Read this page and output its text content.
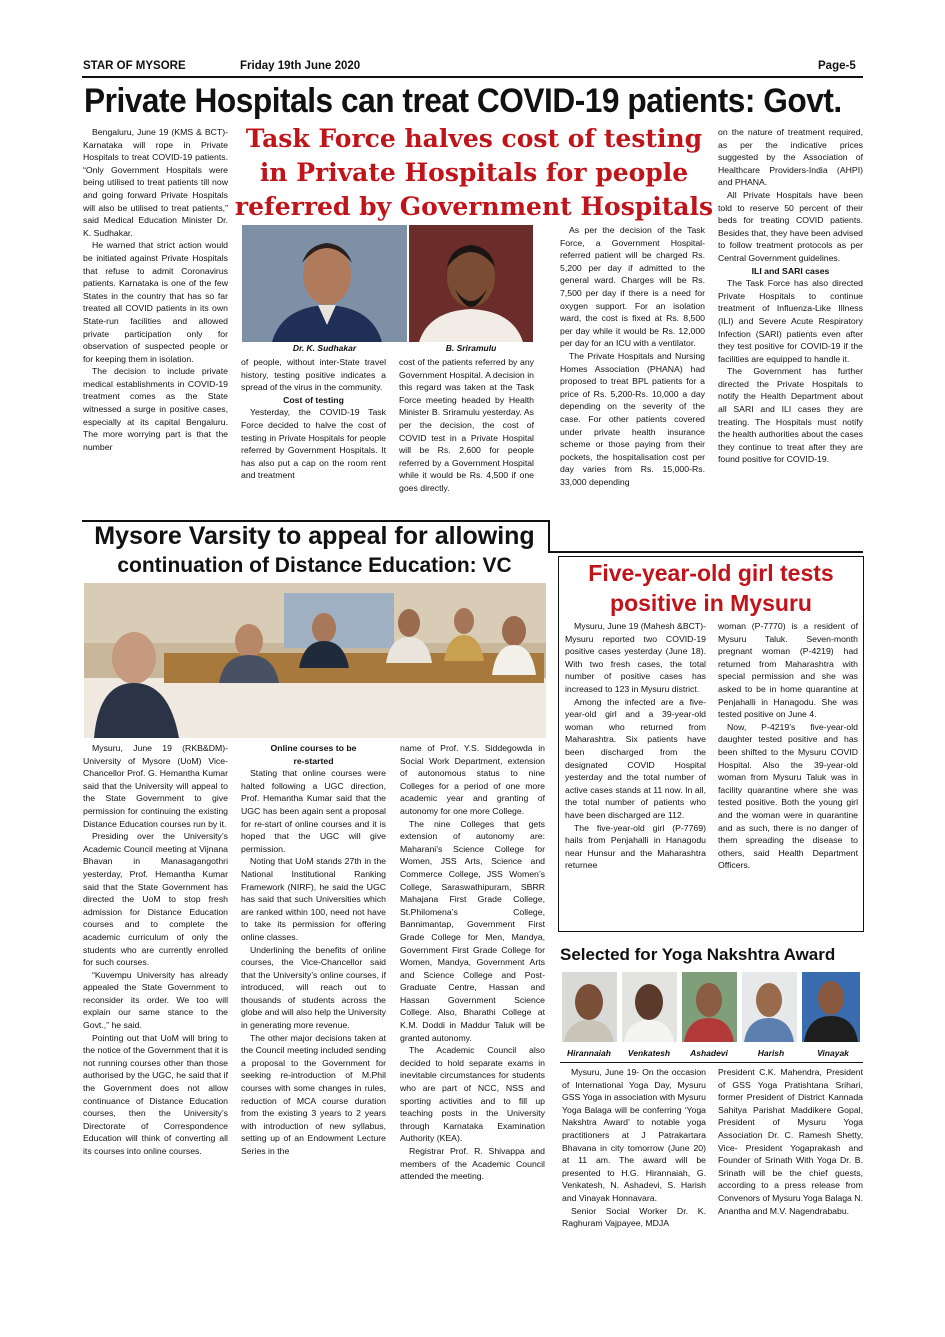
STAR OF MYSORE	Friday 19th June 2020	Page-5
Private Hospitals can treat COVID-19 patients: Govt.

Bengaluru, June 19 (KMS & BCT)- Karnataka will rope in Private Hospitals to treat COVID-19 patients. “Only Government Hospitals were being utilised to treat patients till now and going forward Private Hospitals will also be utilised to treat patients,” said Medical Education Minister Dr. K. Sudhakar.

He warned that strict action would be initiated against Private Hospitals that refuse to admit Coronavirus patients. Karnataka is one of the few States in the country that has so far treated all COVID patients in its own State-run facilities and allowed private participation only for observation of suspected people or for keeping them in isolation.

The decision to include private medical establishments in COVID-19 treatment comes as the State witnessed a surge in positive cases, especially at its capital Bengaluru. The more worrying part is that the number

Task Force halves cost of testing
in Private Hospitals for people
referred by Government Hospitals
Dr. K. Sudhakar	B. Sriramulu

of people, without inter-State travel history, testing positive indicates a spread of the virus in the community.

Cost of testing

Yesterday, the COVID-19 Task Force decided to halve the cost of testing in Private Hospitals for people referred by Government Hospitals. It has also put a cap on the room rent and treatment

cost of the patients referred by any Government Hospital. A decision in this regard was taken at the Task Force meeting headed by Health Minister B. Sriramulu yesterday. As per the decision, the cost of COVID test in a Private Hospital will be Rs. 2,600 for people referred by a Government Hospital while it would be Rs. 4,500 if one goes directly.

As per the decision of the Task Force, a Government Hospital-referred patient will be charged Rs. 5,200 per day if admitted to the general ward. Charges will be Rs. 7,500 per day if there is a need for oxygen support. For an isolation ward, the cost is fixed at Rs. 8,500 per day while it would be Rs. 12,000 per day for an ICU with a ventilator.

The Private Hospitals and Nursing Homes Association (PHANA) had proposed to treat BPL patients for a price of Rs. 5,200-Rs. 10,000 a day depending on the severity of the case. For other patients covered under private health insurance scheme or those paying from their pockets, the hospitalisation cost per day varies from Rs. 15,000-Rs. 33,000 depending

on the nature of treatment required, as per the indicative prices suggested by the Association of Healthcare Providers-India (AHPI) and PHANA.

All Private Hospitals have been told to reserve 50 percent of their beds for treating COVID patients. Besides that, they have been advised to follow treatment protocols as per Central Government guidelines.

ILI and SARI cases

The Task Force has also directed Private Hospitals to continue treatment of Influenza-Like Illness (ILI) and Severe Acute Respiratory Infection (SARI) patients even after they test positive for COVID-19 if the facilities are equipped to handle it.

The Government has further directed the Private Hospitals to notify the Health Department about all SARI and ILI cases they are treating. The Hospitals must notify the health authorities about the cases they continue to treat after they are found positive for COVID-19.

Mysore Varsity to appeal for allowing
continuation of Distance Education: VC

Mysuru, June 19 (RKB&DM)- University of Mysore (UoM) Vice-Chancellor Prof. G. Hemantha Kumar said that the University will appeal to the State Government to give permission for continuing the existing Distance Education courses run by it.

Presiding over the University’s Academic Council meeting at Vijnana Bhavan in Manasagangothri yesterday, Prof. Hemantha Kumar said that the State Government has directed the UoM to stop fresh admission for Distance Education courses and to complete the academic curriculum of only the students who are currently enrolled for such courses.

“Kuvempu University has already appealed the State Government to reconsider its order. We too will explain our same stance to the Govt.,” he said.

Pointing out that UoM will bring to the notice of the Government that it is not running courses other than those authorised by the UGC, he said that if the Government does not allow continuance of Distance Education courses, then the University’s Directorate of Correspondence Education will think of converting all its courses into online courses.

Online courses to be

re-started

Stating that online courses were halted following a UGC direction, Prof. Hemantha Kumar said that the UGC has been again sent a proposal for re-start of online courses and it is hoped that the UGC will give permission.

Noting that UoM stands 27th in the National Institutional Ranking Framework (NIRF), he said the UGC has said that such Universities which are ranked within 100, need not have to take its permission for offering online classes.

Underlining the benefits of online courses, the Vice-Chancellor said that the University’s online courses, if introduced, will reach out to thousands of students across the globe and will also help the University in generating more revenue.

The other major decisions taken at the Council meeting included sending a proposal to the Government for seeking re-introduction of M.Phil courses with some changes in rules, reduction of MCA course duration from the existing 3 years to 2 years with introduction of new syllabus, setting up of an Endowment Lecture Series in the

name of Prof. Y.S. Siddegowda in Social Work Department, extension of autonomous status to nine Colleges for a period of one more academic year and granting of autonomy for one more College.

The nine Colleges that gets extension of autonomy are: Maharani’s Science College for Women, JSS Arts, Science and Commerce College, JSS Women’s College, Saraswathipuram, SBRR Mahajana First Grade College, St.Philomena’s College, Bannimantap, Government First Grade College for Men, Mandya, Government First Grade College for Women, Mandya, Government Arts and Science College and Post-Graduate Centre, Hassan and Hassan Government Science College. Also, Bharathi College at K.M. Doddi in Maddur Taluk will be granted autonomy.

The Academic Council also decided to hold separate exams in inevitable circumstances for students who are part of NCC, NSS and sporting activities and to fill up teaching posts in the University through Karnataka Examination Authority (KEA).

Registrar Prof. R. Shivappa and members of the Academic Council attended the meeting.

Five-year-old girl tests
positive in Mysuru

Mysuru, June 19 (Mahesh &BCT)- Mysuru reported two COVID-19 positive cases yesterday (June 18). With two fresh cases, the total number of positive cases has increased to 123 in Mysuru district.

Among the infected are a five-year-old girl and a 39-year-old woman who returned from Maharashtra. Six patients have been discharged from the designated COVID Hospital yesterday and the total number of active cases stands at 11 now. In all, the total number of patients who have been discharged are 112.

The five-year-old girl (P-7769) hails from Penjahalli in Hanagodu near Hunsur and the Maharashtra returnee

woman (P-7770) is a resident of Mysuru Taluk. Seven-month pregnant woman (P-4219) had returned from Maharashtra with special permission and she was asked to be in home quarantine at Penjahalli in Hanagodu. She was tested positive on June 4.

Now, P-4219’s five-year-old daughter tested positive and has been shifted to the Mysuru COVID Hospital. Also the 39-year-old woman from Mysuru Taluk was in facility quarantine where she was tested positive. Both the young girl and the woman were in quarantine and as such, there is no danger of them spreading the disease to others, said Health Department Officers.

Selected for Yoga Nakshtra Award
Hirannaiah	Venkatesh	Ashadevi	Harish	Vinayak

Mysuru, June 19- On the occasion of International Yoga Day, Mysuru GSS Yoga in association with Mysuru Yoga Balaga will be conferring ‘Yoga Nakshtra Award’ to notable yoga practitioners at J Patrakartara Bhavana in city tomorrow (June 20) at 11 am. The award will be presented to H.G. Hirannaiah, G. Venkatesh, N. Ashadevi, S. Harish and Vinayak Honnavara.

Senior Social Worker Dr. K. Raghuram Vajpayee, MDJA

President C.K. Mahendra, President of GSS Yoga Pratishtana Srihari, former President of District Kannada Sahitya Parishat Maddikere Gopal, President of Mysuru Yoga Association Dr. C. Ramesh Shetty, Vice- President Yogaprakash and Founder of Srinath With Yoga Dr. B. Srinath will be the chief guests, according to a press release from Convenors of Mysuru Yoga Balaga N. Anantha and M.V. Nagendrababu.
